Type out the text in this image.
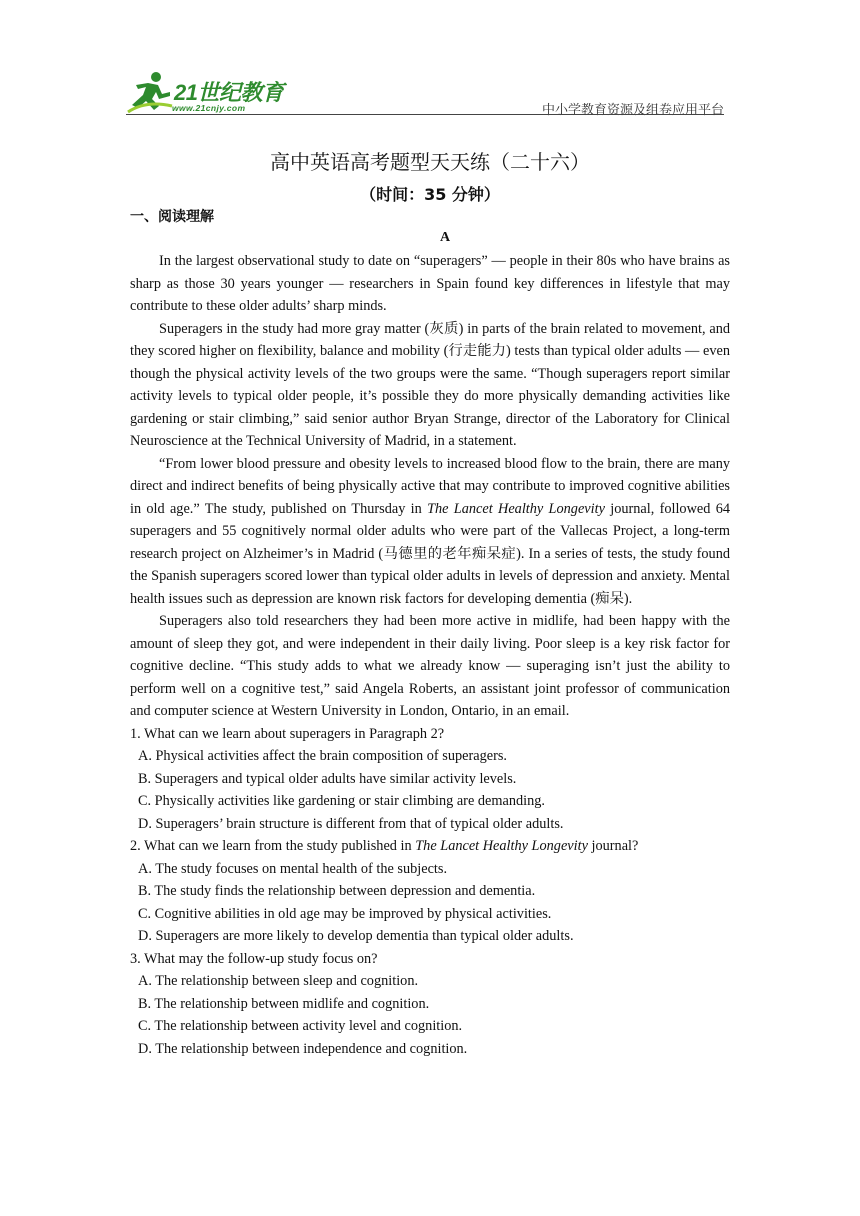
21世纪教育
www.21cnjy.com	中小学教育资源及组卷应用平台
高中英语高考题型天天练（二十六）
（时间：35 分钟）
一、阅读理解
A

In the largest observational study to date on “superagers” — people in their 80s who have brains as sharp as those 30 years younger — researchers in Spain found key differences in lifestyle that may contribute to these older adults’ sharp minds.

Superagers in the study had more gray matter (灰质) in parts of the brain related to movement, and they scored higher on flexibility, balance and mobility (行走能力) tests than typical older adults — even though the physical activity levels of the two groups were the same. “Though superagers report similar activity levels to typical older people, it’s possible they do more physically demanding activities like gardening or stair climbing,” said senior author Bryan Strange, director of the Laboratory for Clinical Neuroscience at the Technical University of Madrid, in a statement.

“From lower blood pressure and obesity levels to increased blood flow to the brain, there are many direct and indirect benefits of being physically active that may contribute to improved cognitive abilities in old age.” The study, published on Thursday in The Lancet Healthy Longevity journal, followed 64 superagers and 55 cognitively normal older adults who were part of the Vallecas Project, a long-term research project on Alzheimer’s in Madrid (马德里的老年痴呆症). In a series of tests, the study found the Spanish superagers scored lower than typical older adults in levels of depression and anxiety. Mental health issues such as depression are known risk factors for developing dementia (痴呆).

Superagers also told researchers they had been more active in midlife, had been happy with the amount of sleep they got, and were independent in their daily living. Poor sleep is a key risk factor for cognitive decline. “This study adds to what we already know — superaging isn’t just the ability to perform well on a cognitive test,” said Angela Roberts, an assistant joint professor of communication and computer science at Western University in London, Ontario, in an email.

1. What can we learn about superagers in Paragraph 2?

A. Physical activities affect the brain composition of superagers.

B. Superagers and typical older adults have similar activity levels.

C. Physically activities like gardening or stair climbing are demanding.

D. Superagers’ brain structure is different from that of typical older adults.

2. What can we learn from the study published in The Lancet Healthy Longevity journal?

A. The study focuses on mental health of the subjects.

B. The study finds the relationship between depression and dementia.

C. Cognitive abilities in old age may be improved by physical activities.

D. Superagers are more likely to develop dementia than typical older adults.

3. What may the follow-up study focus on?

A. The relationship between sleep and cognition.

B. The relationship between midlife and cognition.

C. The relationship between activity level and cognition.

D. The relationship between independence and cognition.
